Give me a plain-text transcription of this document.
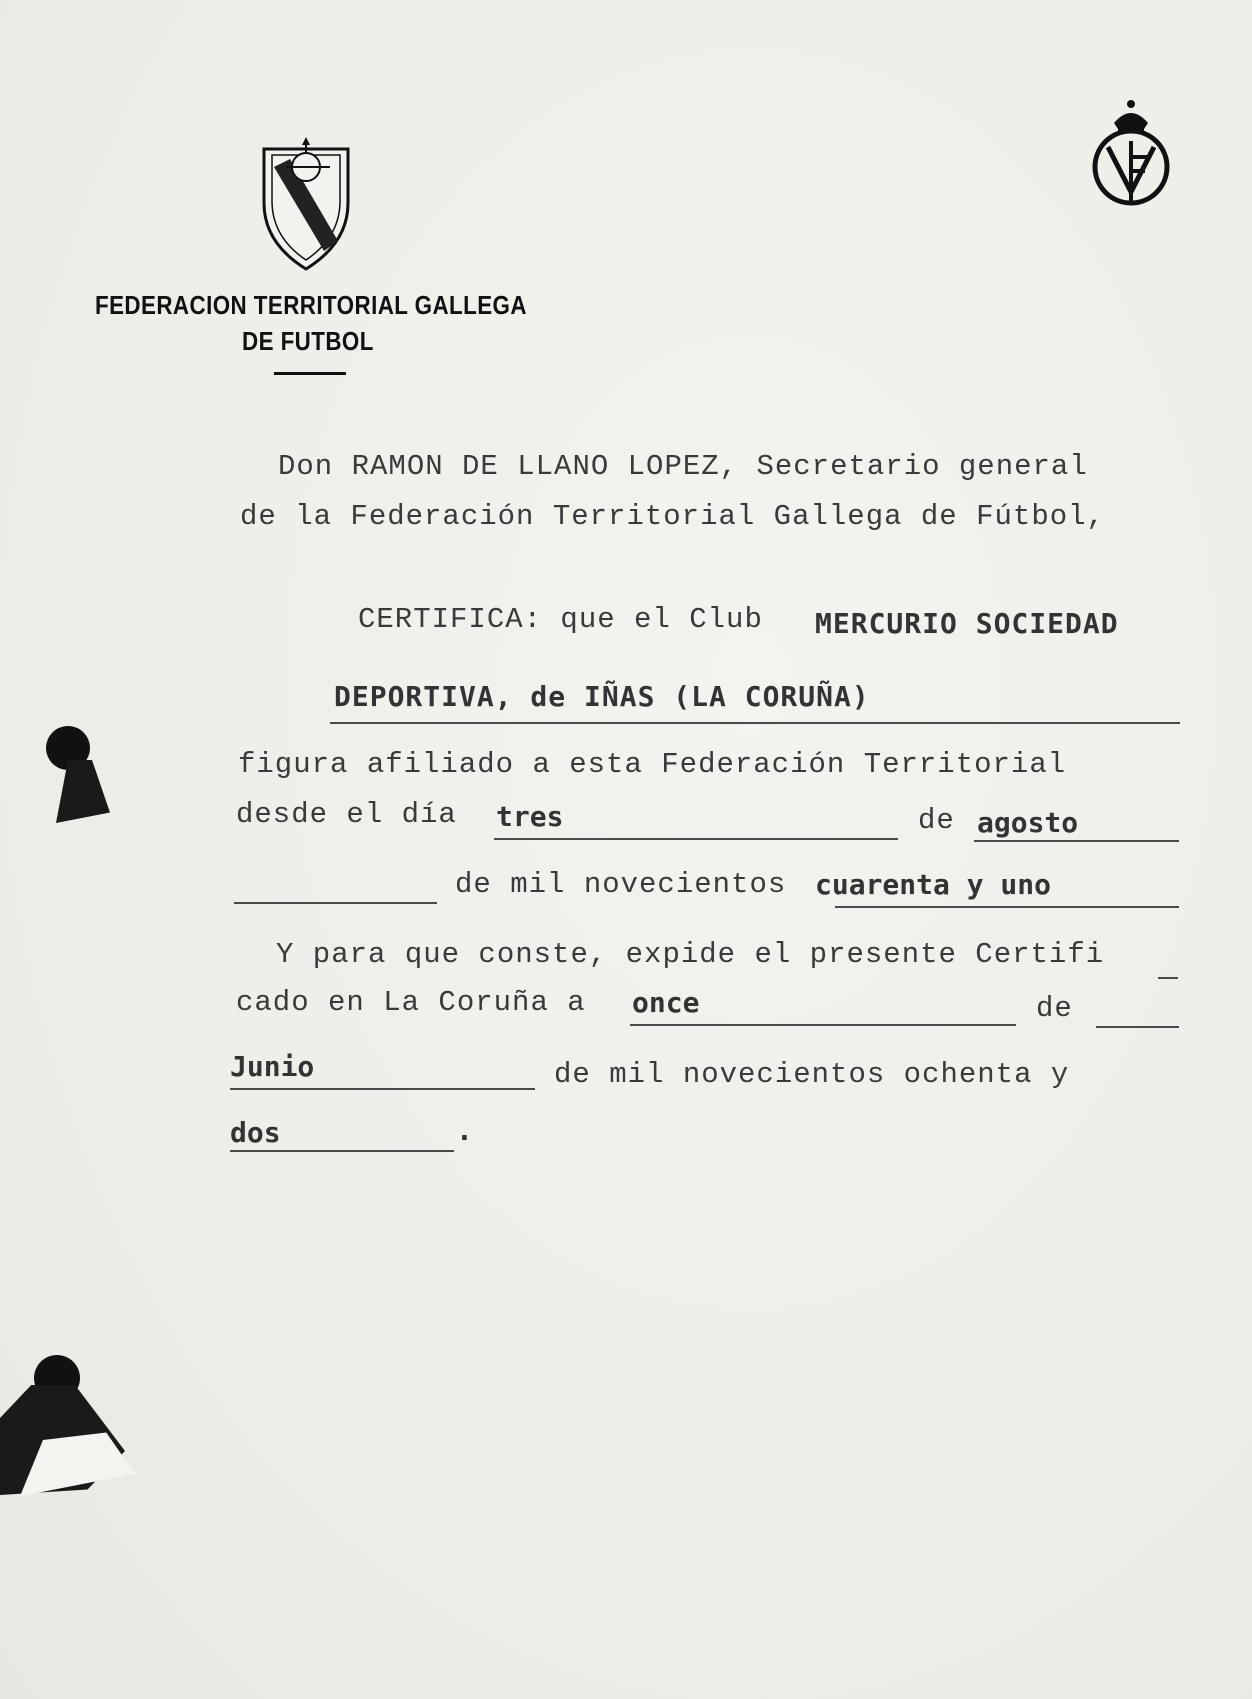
FEDERACION TERRITORIAL GALLEGA
DE FUTBOL
Don RAMON DE LLANO LOPEZ, Secretario general
de la Federación Territorial Gallega de Fútbol,
CERTIFICA: que el Club MERCURIO SOCIEDAD
DEPORTIVA, de IÑAS (LA CORUÑA)
figura afiliado a esta Federación Territorial
desde el día tres	de agosto
de mil novecientos cuarenta y uno
Y para que conste, expide el presente Certifi
cado en La Coruña a once	de
Junio	de mil novecientos ochenta y
dos	.
